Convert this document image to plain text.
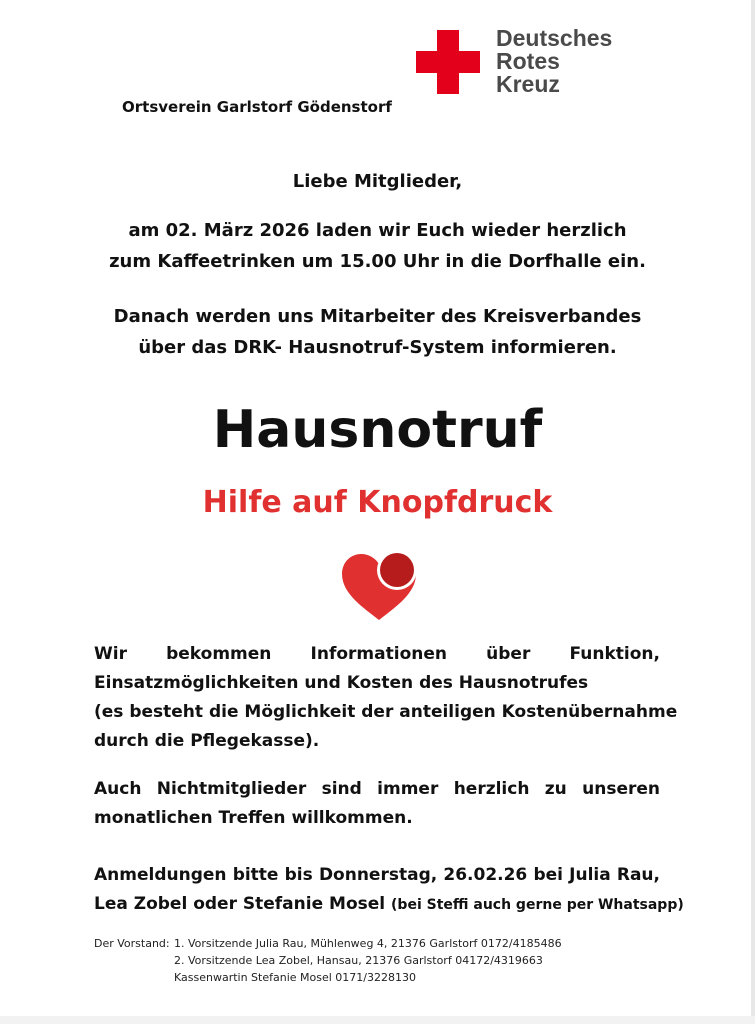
Deutsches
Rotes
Kreuz
Ortsverein Garlstorf Gödenstorf
Liebe Mitglieder,
am 02. März 2026 laden wir Euch wieder herzlich
zum Kaffeetrinken um 15.00 Uhr in die Dorfhalle ein.
Danach werden uns Mitarbeiter des Kreisverbandes
über das DRK- Hausnotruf-System informieren.
Hausnotruf
Hilfe auf Knopfdruck
Wir bekommen Informationen über Funktion,
Einsatzmöglichkeiten und Kosten des Hausnotrufes
(es besteht die Möglichkeit der anteiligen Kostenübernahme
durch die Pflegekasse).
Auch Nichtmitglieder sind immer herzlich zu unseren
monatlichen Treffen willkommen.
Anmeldungen bitte bis Donnerstag, 26.02.26 bei Julia Rau,
Lea Zobel oder Stefanie Mosel (bei Steffi auch gerne per Whatsapp)
Der Vorstand: 1. Vorsitzende Julia Rau, Mühlenweg 4, 21376 Garlstorf 0172/4185486
2. Vorsitzende Lea Zobel, Hansau, 21376 Garlstorf 04172/4319663
Kassenwartin Stefanie Mosel 0171/3228130
